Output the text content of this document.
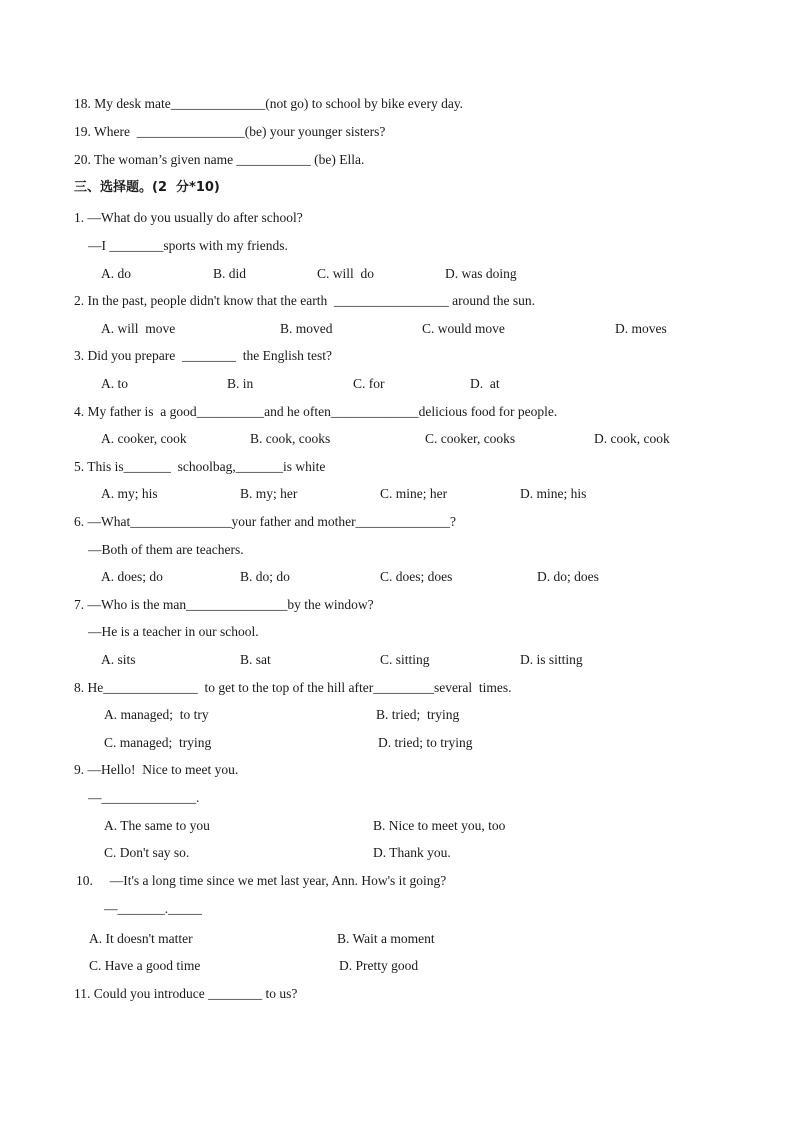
18. My desk mate______________(not go) to school by bike every day.
19. Where  ________________(be) your younger sisters?
20. The woman’s given name ___________ (be) Ella.
三、选择题。(2  分*10)
1. —What do you usually do after school?
—I ________sports with my friends.
A. do	B. did	C. will  do	D. was doing
2. In the past, people didn't know that the earth  _________________ around the sun.
A. will  move	B. moved	C. would move	D. moves
3. Did you prepare  ________  the English test?
A. to	B. in	C. for	D.  at
4. My father is  a good__________and he often_____________delicious food for people.
A. cooker, cook	B. cook, cooks	C. cooker, cooks	D. cook, cook
5. This is_______  schoolbag,_______is white
A. my; his	B. my; her	C. mine; her	D. mine; his
6. —What_______________your father and mother______________?
—Both of them are teachers.
A. does; do	B. do; do	C. does; does	D. do; does
7. —Who is the man_______________by the window?
—He is a teacher in our school.
A. sits	B. sat	C. sitting	D. is sitting
8. He______________  to get to the top of the hill after_________several  times.
A. managed;  to try	B. tried;  trying
C. managed;  trying	D. tried; to trying
9. —Hello!  Nice to meet you.
—______________.
A. The same to you	B. Nice to meet you, too
C. Don't say so.	D. Thank you.
10.     —It's a long time since we met last year, Ann. How's it going?
—_______._____
A. It doesn't matter	B. Wait a moment
C. Have a good time	D. Pretty good
11. Could you introduce ________ to us?
